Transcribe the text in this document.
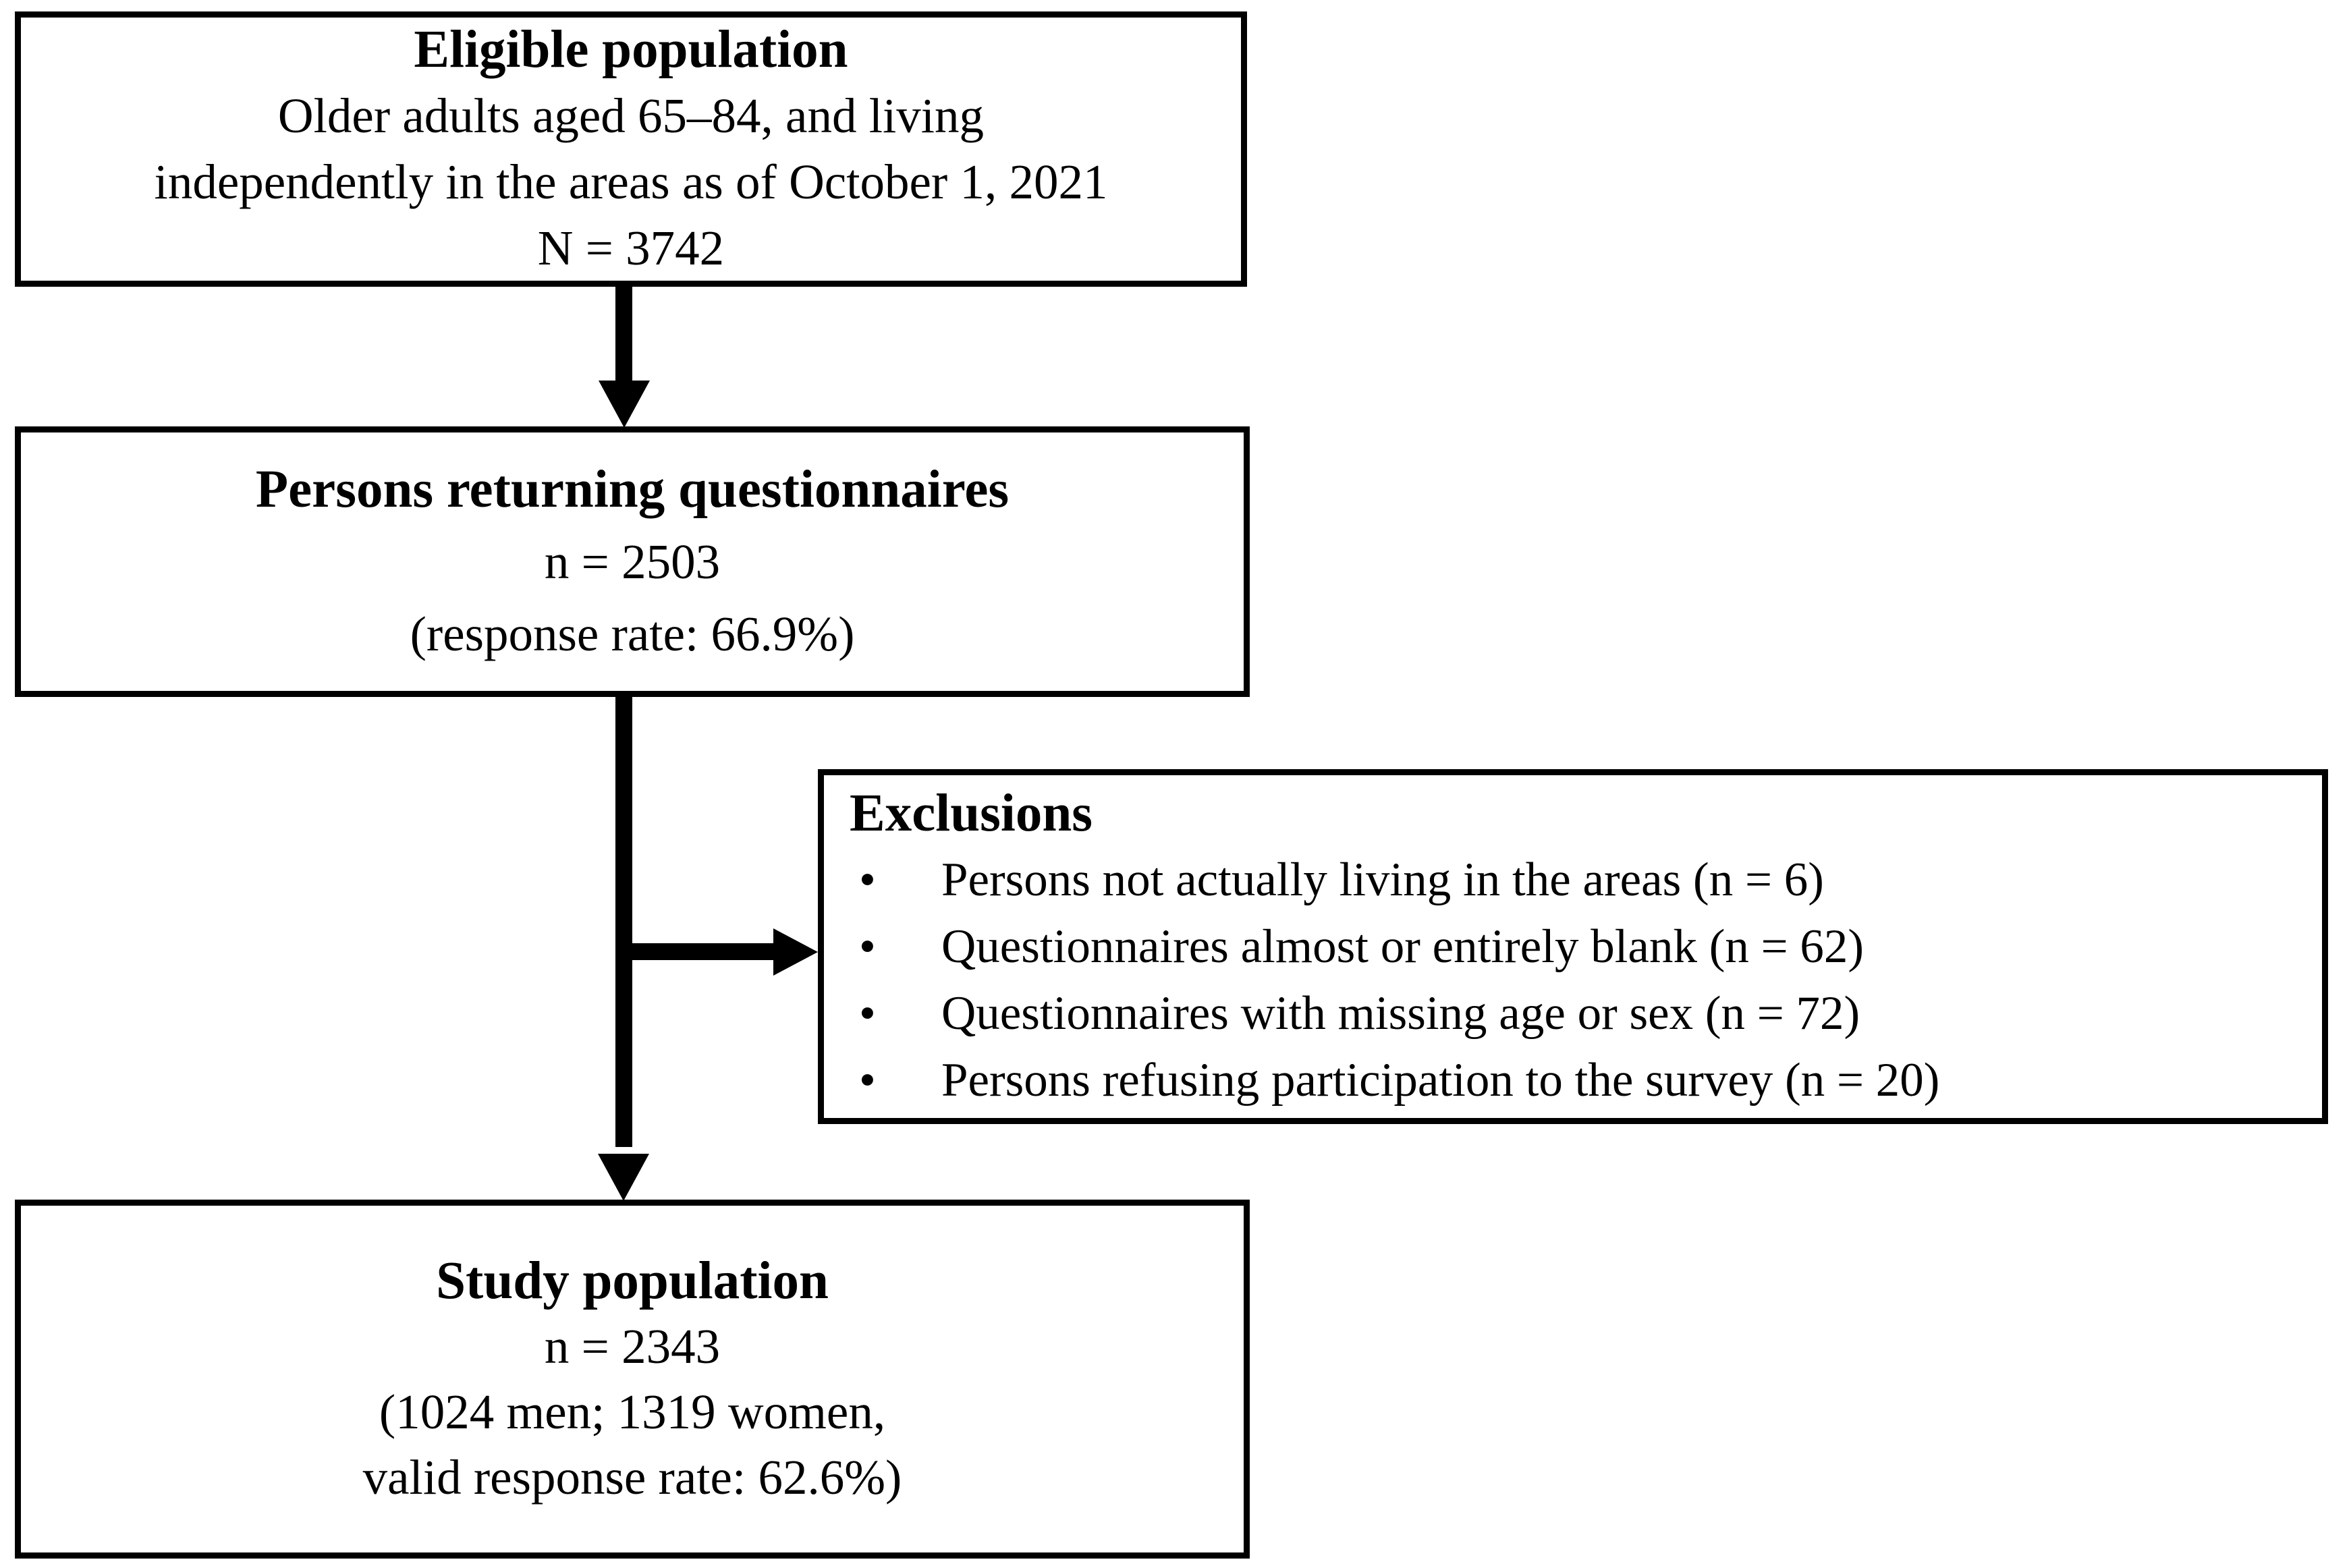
Eligible population
Older adults aged 65–84, and living
independently in the areas as of October 1, 2021
N = 3742
Persons returning questionnaires
n = 2503
(response rate: 66.9%)
Exclusions
•	Persons not actually living in the areas (n = 6)
•	Questionnaires almost or entirely blank (n = 62)
•	Questionnaires with missing age or sex (n = 72)
•	Persons refusing participation to the survey (n = 20)
Study population
n = 2343
(1024 men; 1319 women,
valid response rate: 62.6%)
